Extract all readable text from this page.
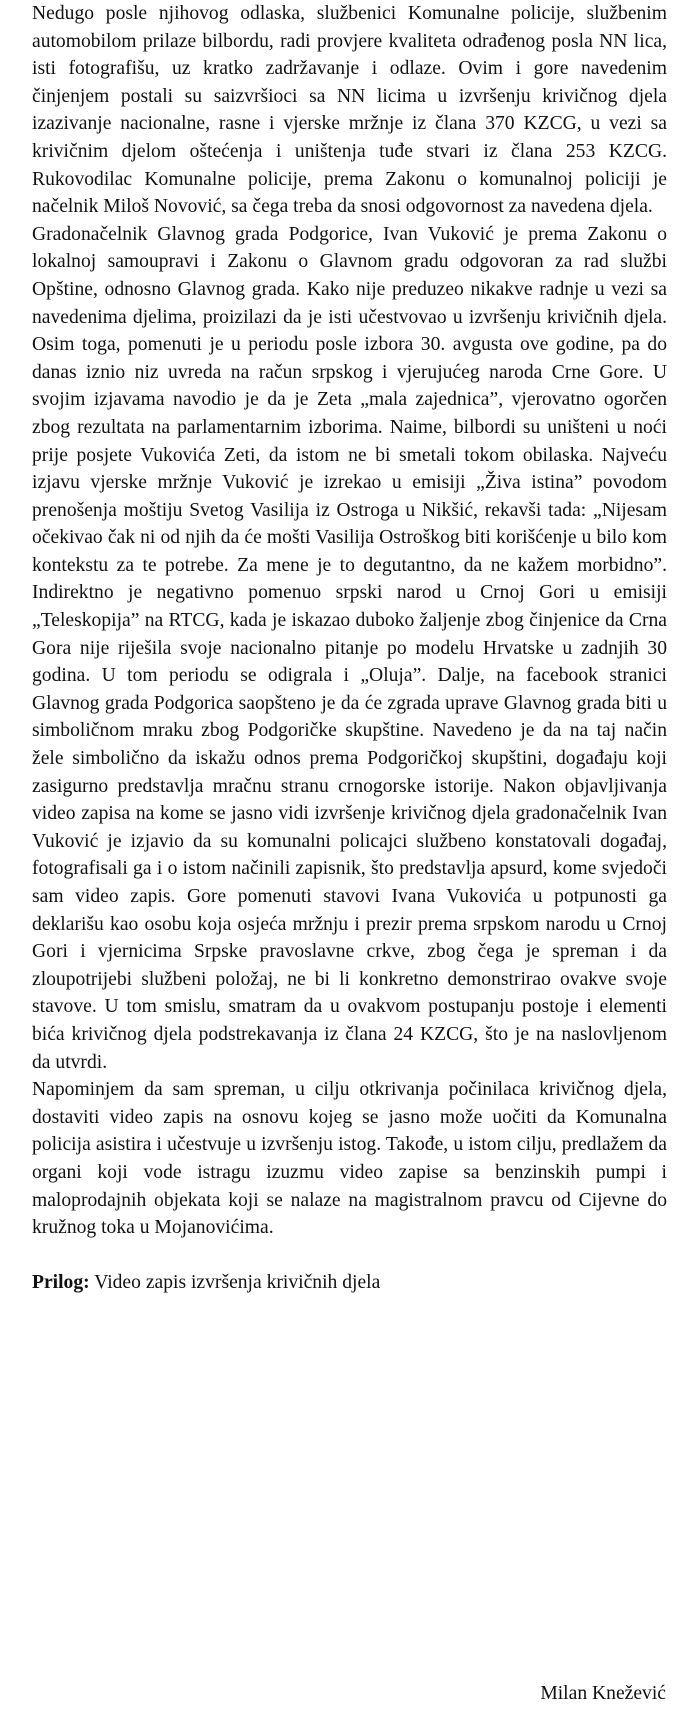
Nedugo posle njihovog odlaska, službenici Komunalne policije, službenim automobilom prilaze bilbordu, radi provjere kvaliteta odrađenog posla NN lica, isti fotografišu, uz kratko zadržavanje i odlaze. Ovim i gore navedenim činjenjem postali su saizvršioci sa NN licima u izvršenju krivičnog djela izazivanje nacionalne, rasne i vjerske mržnje iz člana 370 KZCG, u vezi sa krivičnim djelom oštećenja i uništenja tuđe stvari iz člana 253 KZCG. Rukovodilac Komunalne policije, prema Zakonu o komunalnoj policiji je načelnik Miloš Novović, sa čega treba da snosi odgovornost za navedena djela.

Gradonačelnik Glavnog grada Podgorice, Ivan Vuković je prema Zakonu o lokalnoj samoupravi i Zakonu o Glavnom gradu odgovoran za rad službi Opštine, odnosno Glavnog grada. Kako nije preduzeo nikakve radnje u vezi sa navedenima djelima, proizilazi da je isti učestvovao u izvršenju krivičnih djela. Osim toga, pomenuti je u periodu posle izbora 30. avgusta ove godine, pa do danas iznio niz uvreda na račun srpskog i vjerujućeg naroda Crne Gore. U svojim izjavama navodio je da je Zeta „mala zajednica”, vjerovatno ogorčen zbog rezultata na parlamentarnim izborima. Naime, bilbordi su uništeni u noći prije posjete Vukovića Zeti, da istom ne bi smetali tokom obilaska. Najveću izjavu vjerske mržnje Vuković je izrekao u emisiji „Živa istina” povodom prenošenja moštiju Svetog Vasilija iz Ostroga u Nikšić, rekavši tada: „Nijesam očekivao čak ni od njih da će mošti Vasilija Ostroškog biti korišćenje u bilo kom kontekstu za te potrebe. Za mene je to degutantno, da ne kažem morbidno”. Indirektno je negativno pomenuo srpski narod u Crnoj Gori u emisiji „Teleskopija” na RTCG, kada je iskazao duboko žaljenje zbog činjenice da Crna Gora nije riješila svoje nacionalno pitanje po modelu Hrvatske u zadnjih 30 godina. U tom periodu se odigrala i „Oluja”. Dalje, na facebook stranici Glavnog grada Podgorica saopšteno je da će zgrada uprave Glavnog grada biti u simboličnom mraku zbog Podgoričke skupštine. Navedeno je da na taj način žele simbolično da iskažu odnos prema Podgoričkoj skupštini, događaju koji zasigurno predstavlja mračnu stranu crnogorske istorije. Nakon objavljivanja video zapisa na kome se jasno vidi izvršenje krivičnog djela gradonačelnik Ivan Vuković je izjavio da su komunalni policajci službeno konstatovali događaj, fotografisali ga i o istom načinili zapisnik, što predstavlja apsurd, kome svjedoči sam video zapis. Gore pomenuti stavovi Ivana Vukovića u potpunosti ga deklarišu kao osobu koja osjeća mržnju i prezir prema srpskom narodu u Crnoj Gori i vjernicima Srpske pravoslavne crkve, zbog čega je spreman i da zloupotrijebi službeni položaj, ne bi li konkretno demonstrirao ovakve svoje stavove. U tom smislu, smatram da u ovakvom postupanju postoje i elementi bića krivičnog djela podstrekavanja iz člana 24 KZCG, što je na naslovljenom da utvrdi.

Napominjem da sam spreman, u cilju otkrivanja počinilaca krivičnog djela, dostaviti video zapis na osnovu kojeg se jasno može uočiti da Komunalna policija asistira i učestvuje u izvršenju istog. Takođe, u istom cilju, predlažem da organi koji vode istragu izuzmu video zapise sa benzinskih pumpi i maloprodajnih objekata koji se nalaze na magistralnom pravcu od Cijevne do kružnog toka u Mojanovićima.

Prilog: Video zapis izvršenja krivičnih djela

Milan Knežević
